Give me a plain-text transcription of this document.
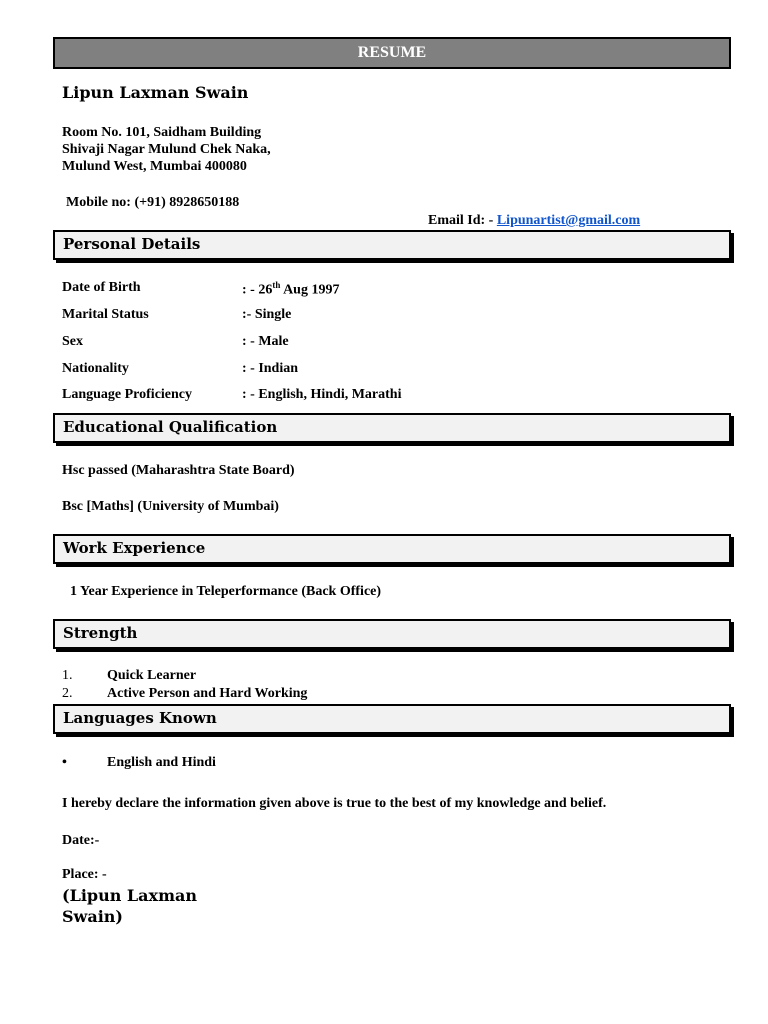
RESUME
Lipun Laxman Swain
Room No. 101, Saidham Building
Shivaji Nagar Mulund Chek Naka,
Mulund West, Mumbai 400080
Mobile no: (+91) 8928650188
Email Id: - Lipunartist@gmail.com
Personal Details
Date of Birth	: - 26th Aug 1997
Marital Status	:- Single
Sex	: - Male
Nationality	: - Indian
Language Proficiency	: - English, Hindi, Marathi
Educational Qualification
Hsc passed (Maharashtra State Board)
Bsc [Maths] (University of Mumbai)
Work Experience
1 Year Experience in Teleperformance (Back Office)
Strength
1. Quick Learner
2. Active Person and Hard Working
Languages Known
•	English and Hindi
I hereby declare the information given above is true to the best of my knowledge and belief.
Date:-
Place: -
(Lipun Laxman
Swain)
